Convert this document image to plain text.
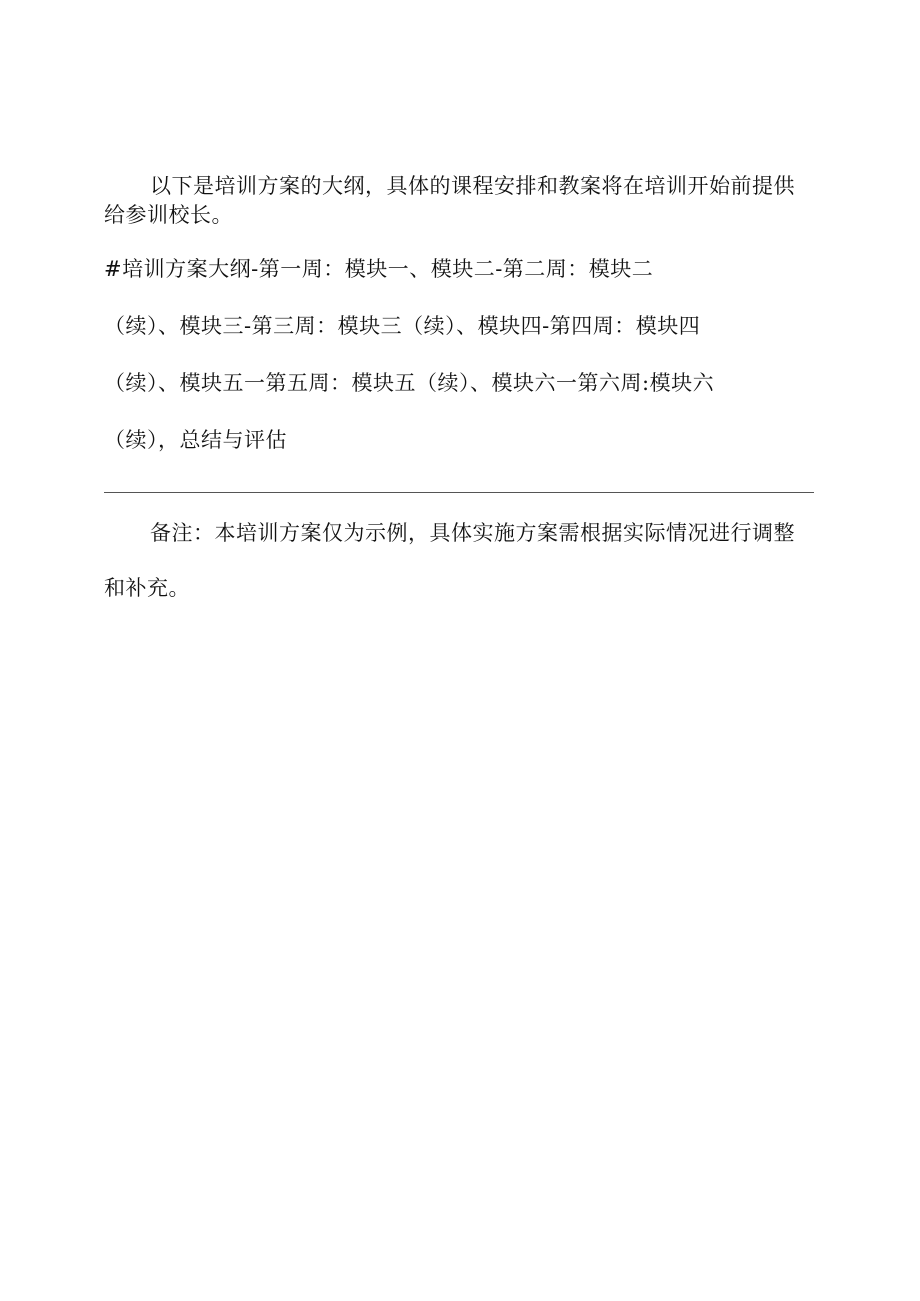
以下是培训方案的大纲，具体的课程安排和教案将在培训开始前提供
给参训校长。
#培训方案大纲-第一周：模块一、模块二-第二周：模块二
（续）、模块三-第三周：模块三（续）、模块四-第四周：模块四
（续）、模块五一第五周：模块五（续）、模块六一第六周:模块六
（续），总结与评估
备注：本培训方案仅为示例，具体实施方案需根据实际情况进行调整
和补充。
